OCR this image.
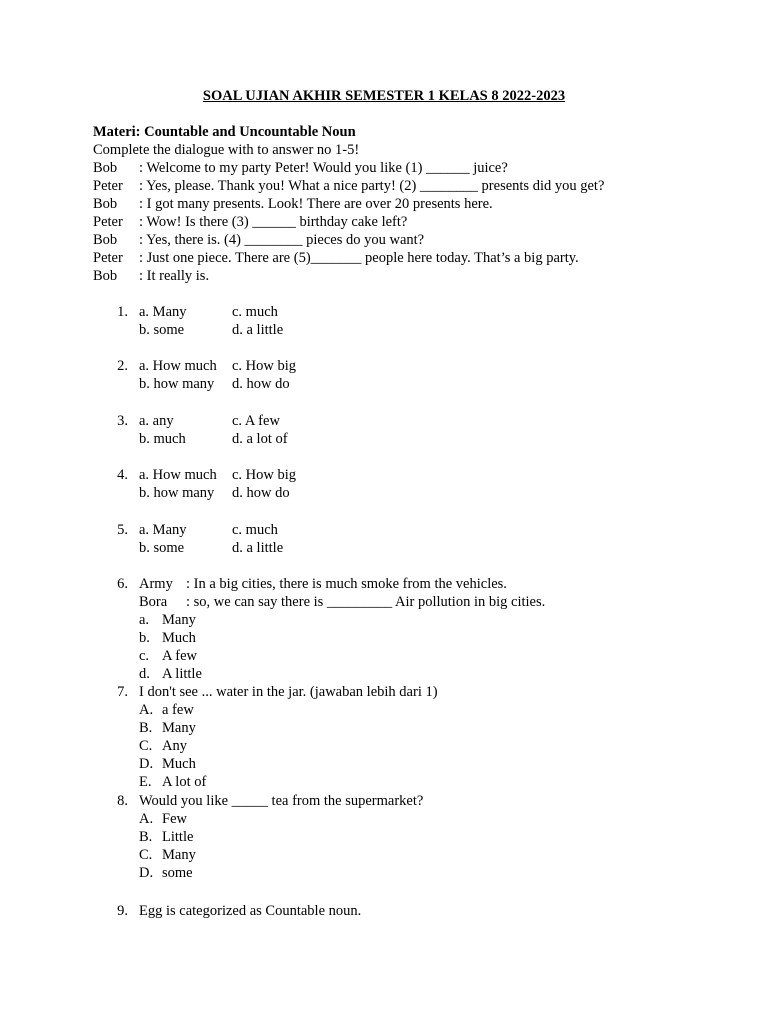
SOAL UJIAN AKHIR SEMESTER 1 KELAS 8 2022-2023
Materi: Countable and Uncountable Noun
Complete the dialogue with to answer no 1-5!
Bob : Welcome to my party Peter! Would you like (1) ______ juice?
Peter : Yes, please. Thank you! What a nice party! (2) ________ presents did you get?
Bob : I got many presents. Look! There are over 20 presents here.
Peter : Wow! Is there (3) ______ birthday cake left?
Bob : Yes, there is. (4) ________ pieces do you want?
Peter : Just one piece. There are (5)_______ people here today. That’s a big party.
Bob : It really is.
1. a. Many	c. much
b. some	d. a little
2. a. How much c. How big
b. how many d. how do
3. a. any	c. A few
b. much	d. a lot of
4. a. How much c. How big
b. how many d. how do
5. a. Many	c. much
b. some	d. a little
6. Army : In a big cities, there is much smoke from the vehicles.
Bora : so, we can say there is _________ Air pollution in big cities.
a. Many
b. Much
c. A few
d. A little
7. I don't see ... water in the jar. (jawaban lebih dari 1)
A. a few
B. Many
C. Any
D. Much
E. A lot of
8. Would you like _____ tea from the supermarket?
A. Few
B. Little
C. Many
D. some
9. Egg is categorized as Countable noun.
